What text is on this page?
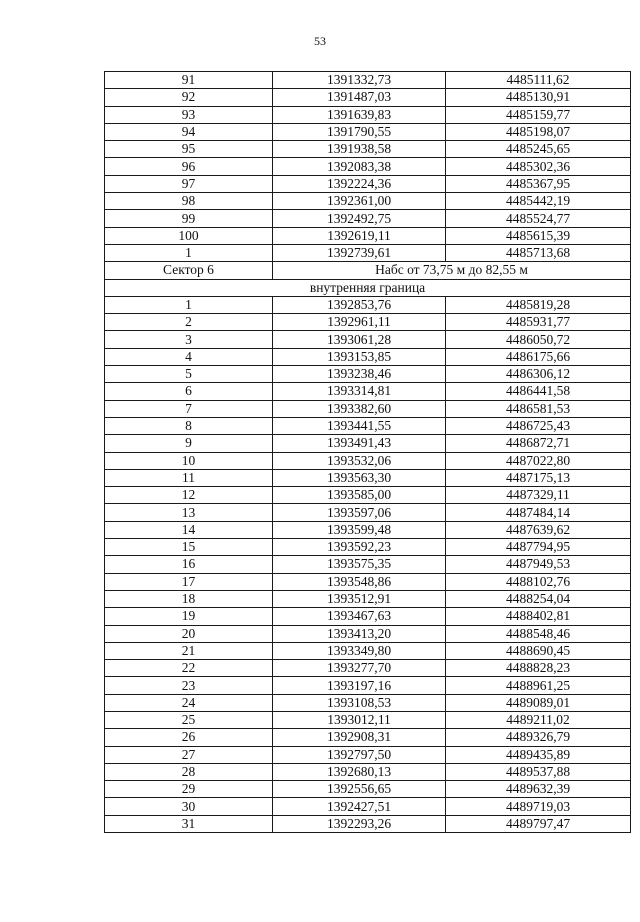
53
91	1391332,73	4485111,62
92	1391487,03	4485130,91
93	1391639,83	4485159,77
94	1391790,55	4485198,07
95	1391938,58	4485245,65
96	1392083,38	4485302,36
97	1392224,36	4485367,95
98	1392361,00	4485442,19
99	1392492,75	4485524,77
100	1392619,11	4485615,39
1	1392739,61	4485713,68
Сектор 6	Набс от 73,75 м до 82,55 м	
внутренняя граница		
1	1392853,76	4485819,28
2	1392961,11	4485931,77
3	1393061,28	4486050,72
4	1393153,85	4486175,66
5	1393238,46	4486306,12
6	1393314,81	4486441,58
7	1393382,60	4486581,53
8	1393441,55	4486725,43
9	1393491,43	4486872,71
10	1393532,06	4487022,80
11	1393563,30	4487175,13
12	1393585,00	4487329,11
13	1393597,06	4487484,14
14	1393599,48	4487639,62
15	1393592,23	4487794,95
16	1393575,35	4487949,53
17	1393548,86	4488102,76
18	1393512,91	4488254,04
19	1393467,63	4488402,81
20	1393413,20	4488548,46
21	1393349,80	4488690,45
22	1393277,70	4488828,23
23	1393197,16	4488961,25
24	1393108,53	4489089,01
25	1393012,11	4489211,02
26	1392908,31	4489326,79
27	1392797,50	4489435,89
28	1392680,13	4489537,88
29	1392556,65	4489632,39
30	1392427,51	4489719,03
31	1392293,26	4489797,47
